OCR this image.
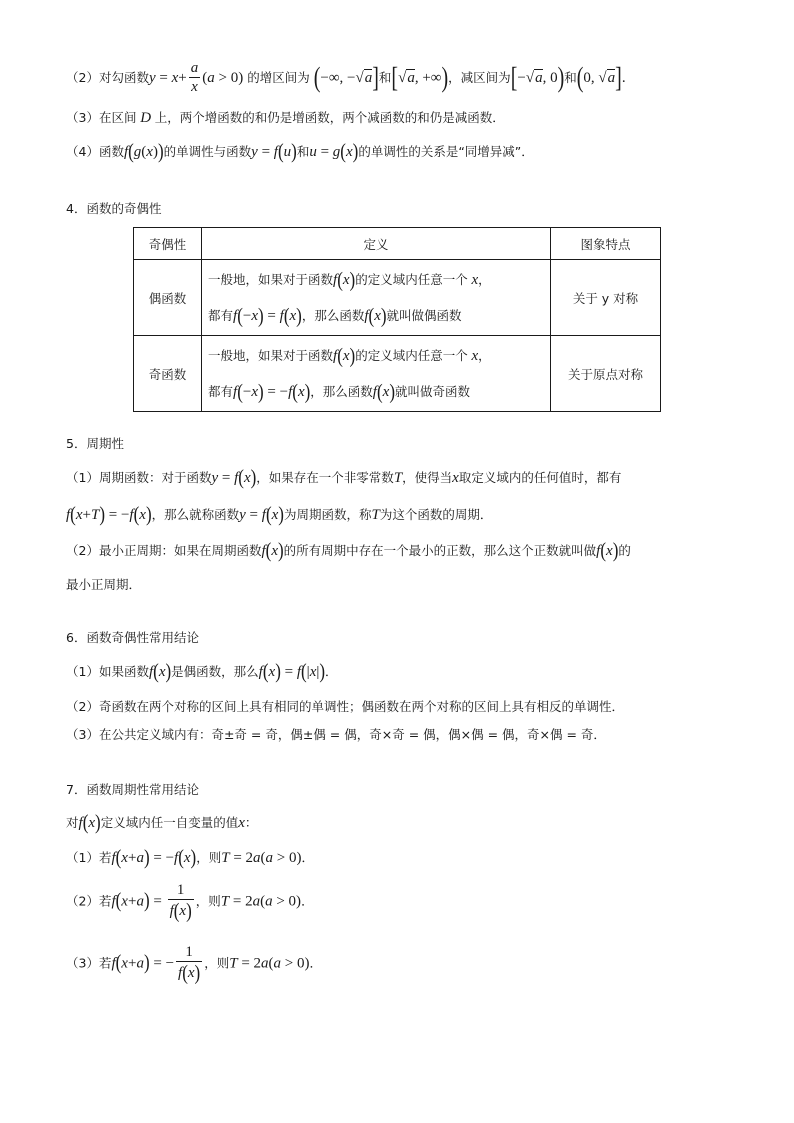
（2）对勾函数$y = x+ \frac{a}{x} (a > 0)$ 的增区间为 (−∞, −√a]和[√a, +∞)，减区间为[−√a, 0)和(0, √a].
（3）在区间 D 上，两个增函数的和仍是增函数，两个减函数的和仍是减函数．
（4）函数f(g(x))的单调性与函数y = f(u)和u = g(x)的单调性的关系是“同增异减”．
4．函数的奇偶性
奇偶性	定义	图象特点
偶函数	一般地，如果对于函数f(x)的定义域内任意一个 x，
都有f(−x) = f(x)，那么函数f(x)就叫做偶函数	关于 y 对称
奇函数	一般地，如果对于函数f(x)的定义域内任意一个 x，
都有f(−x) = −f(x)，那么函数f(x)就叫做奇函数	关于原点对称
5．周期性
（1）周期函数：对于函数y = f(x)，如果存在一个非零常数T，使得当x取定义域内的任何值时，都有
f(x+T) = −f(x)，那么就称函数y = f(x)为周期函数，称T为这个函数的周期．
（2）最小正周期：如果在周期函数f(x)的所有周期中存在一个最小的正数，那么这个正数就叫做f(x)的
最小正周期．
6．函数奇偶性常用结论
（1）如果函数f(x)是偶函数，那么f(x) = f(|x|)．
（2）奇函数在两个对称的区间上具有相同的单调性；偶函数在两个对称的区间上具有相反的单调性．
（3）在公共定义域内有：奇±奇 = 奇，偶±偶 = 偶，奇×奇 = 偶，偶×偶 = 偶，奇×偶 = 奇．
7．函数周期性常用结论
对f(x)定义域内任一自变量的值x：
（1）若f(x+a) = −f(x)，则T = 2a(a > 0)．
（2）若$f(x+a) = \frac{1}{f(x)}$ ，则T = 2a(a > 0)．
（3）若f(x+a) = − $\frac{1}{f(x)}$ ，则T = 2a(a > 0)．
